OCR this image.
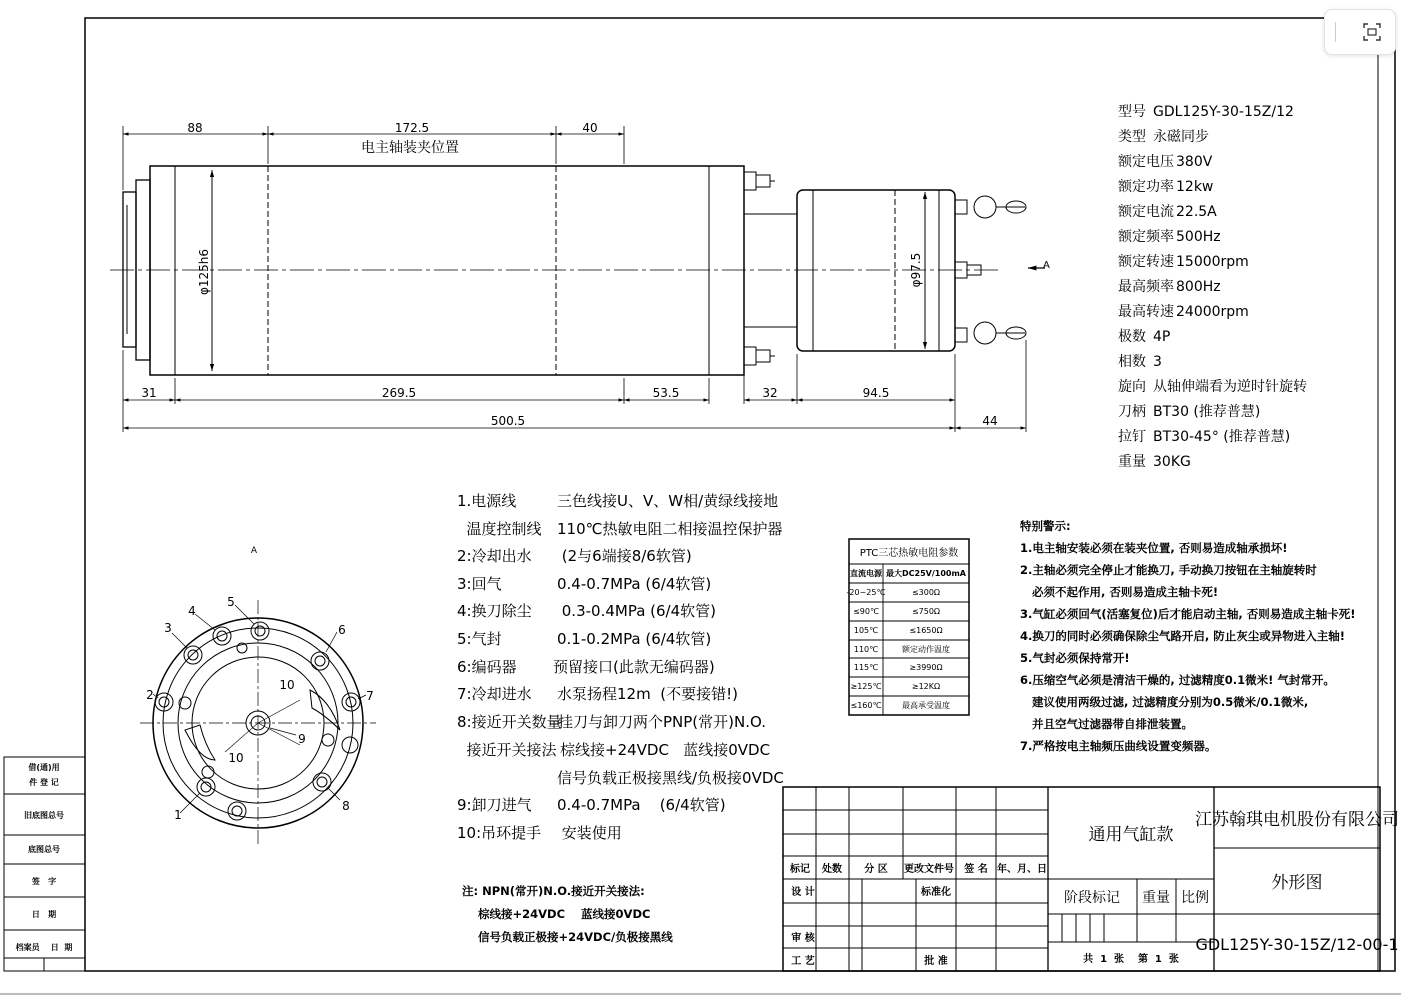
88	172.5	40
电主轴装夹位置
31	269.5	53.5	32	94.5
500.5	44
φ125h6	φ97.5	A
A
1
2
3
4
5
6
7
8
9
10
10
型号 GDL125Y-30-15Z/12
类型 永磁同步
额定电压 380V
额定功率 12kw
额定电流 22.5A
额定频率 500Hz
额定转速 15000rpm
最高频率 800Hz
最高转速 24000rpm
极数 4P
相数 3
旋向 从轴伸端看为逆时针旋转
刀柄 BT30 (推荐普慧)
拉钉 BT30-45° (推荐普慧)
重量 30KG
1.电源线	三色线接U、V、W相/黄绿线接地
温度控制线 110℃热敏电阻二相接温控保护器
2:冷却出水 (2与6端接8/6软管)
3:回气	0.4-0.7MPa (6/4软管)
4:换刀除尘 0.3-0.4MPa (6/4软管)
5:气封	0.1-0.2MPa (6/4软管)
6:编码器 预留接口(此款无编码器)
7:冷却进水 水泵扬程12m  (不要接错!)
8:接近开关数量
挂刀与卸刀两个PNP(常开)N.O.
接近开关接法 棕线接+24VDC   蓝线接0VDC
信号负载正极接黑线/负极接0VDC
9:卸刀进气 0.4-0.7MPa    (6/4软管)
10:吊环提手 安装使用
注: NPN(常开)N.O.接近开关接法:
棕线接+24VDC    蓝线接0VDC
信号负载正极接+24VDC/负极接黑线
PTC三芯热敏电阻参数
直流电源 最大DC25V/100mA
-20~25℃	≤300Ω
≤90℃	≤750Ω
105℃	≤1650Ω
110℃	额定动作温度
115℃	≥3990Ω
≥125℃	≥12KΩ
≤160℃	最高承受温度
特别警示:
1.电主轴安装必须在装夹位置, 否则易造成轴承损坏!
2.主轴必须完全停止才能换刀, 手动换刀按钮在主轴旋转时
必须不起作用, 否则易造成主轴卡死!
3.气缸必须回气(活塞复位)后才能启动主轴, 否则易造成主轴卡死!
4.换刀的同时必须确保除尘气路开启, 防止灰尘或异物进入主轴!
5.气封必须保持常开!
6.压缩空气必须是清洁干燥的, 过滤精度0.1微米! 气封常开。
建议使用两级过滤, 过滤精度分别为0.5微米/0.1微米,
并且空气过滤器带自排泄装置。
7.严格按电主轴频压曲线设置变频器。
借(通)用
件 登 记
旧底图总号
底图总号
签   字
日   期
档案员    日  期
标记 处数 分 区 更改文件号 签 名 年、月、日
设 计	标准化
审 核
工 艺	批 准
通用气缸款
阶段标记 重量 比例
共  1  张    第  1  张
江苏翰琪电机股份有限公司
外形图
GDL125Y-30-15Z/12-00-1
